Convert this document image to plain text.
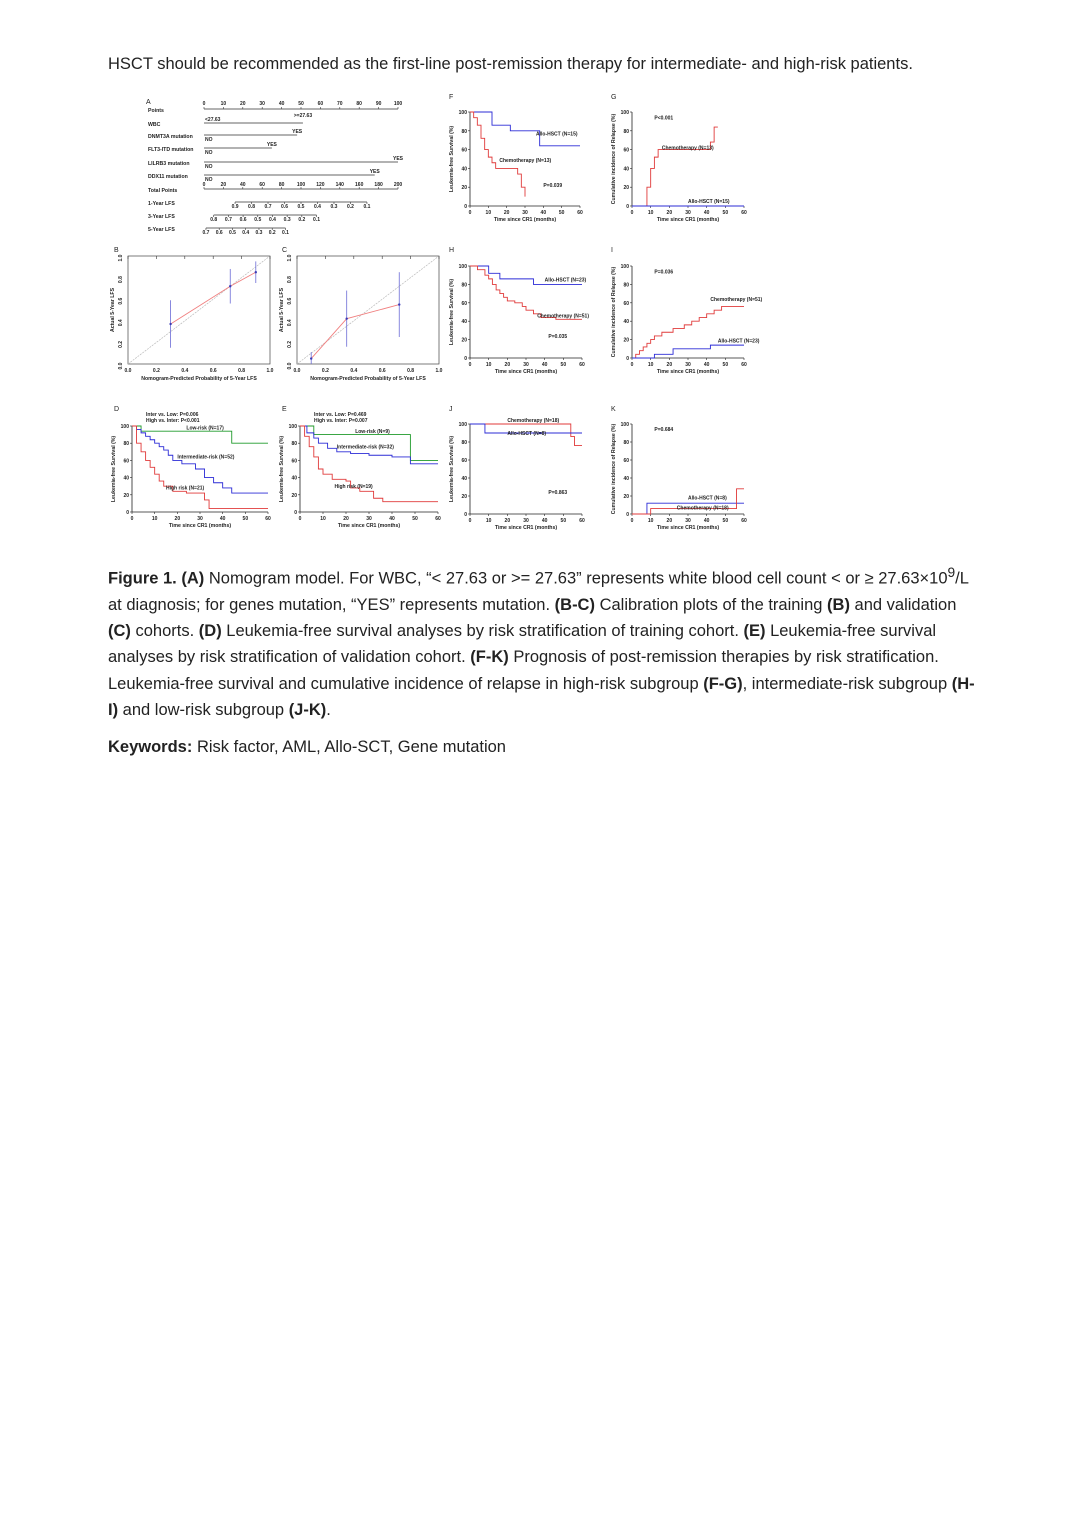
HSCT should be recommended as the first-line post-remission therapy for intermediate- and high-risk patients.
A
B	C
D	E
F	G
H	I
J	K
Points
WBC
DNMT3A mutation
FLT3-ITD mutation
LILRB3 mutation
DDX11 mutation
Total Points
1-Year LFS
3-Year LFS
5-Year LFS
0	10	20	30	40	50	60	70	80	90 100
<27.63
>=27.63
NO
YES
NO
YES
NO
YES
NO
YES
0	20	40	60	80 100 120 140 160 180 200
0.9 0.8 0.7 0.6 0.5 0.4 0.3 0.2 0.1
0.8 0.7 0.6 0.5 0.4 0.3 0.2 0.1
0.7 0.6 0.5 0.4 0.3 0.2 0.1
0.0
0.0
0.2
0.2
0.4
0.4
0.6
0.6
0.8
0.8
1.0
1.0
Nomogram-Predicted Probability of 5-Year LFS
Actual 5-Year LFS
0.0
0.0
0.2
0.2
0.4
0.4
0.6
0.6
0.8
0.8
1.0
1.0
Nomogram-Predicted Probability of 5-Year LFS
Actual 5-Year LFS
0	10	20	30	40	50	60
0
20
40
60
80
100
Time since CR1 (months)
Leukemia-free Survival (%)
Low-risk (N=17)
Intermediate-risk (N=52)
High risk (N=21)
Inter vs. Low: P=0.006
High vs. Inter: P<0.001
0	10	20	30	40	50	60
0
20
40
60
80
100
Time since CR1 (months)
Leukemia-free Survival (%)
Low-risk (N=9)
Intermediate-risk (N=32)
High risk (N=19)
Inter vs. Low: P=0.469
High vs. Inter: P=0.007
0	10	20	30	40	50	60
0
20
40
60
80
100
Time since CR1 (months)
Leukemia-free Survival (%)	Allo-HSCT (N=15)
Chemotherapy (N=13)
P=0.039
0	10	20	30	40	50	60
0
20
40
60
80
100
Time since CR1 (months)
Cumulative incidence of Relapse (%)	Chemotherapy (N=13)
Allo-HSCT (N=15)
P<0.001
0	10	20	30	40	50	60
0
20
40
60
80
100
Time since CR1 (months)
Leukemia-free Survival (%)	Allo-HSCT (N=23)
Chemotherapy (N=51)
P=0.035
0	10	20	30	40	50	60
0
20
40
60
80
100
Time since CR1 (months)
Cumulative incidence of Relapse (%)	Chemotherapy (N=51)
Allo-HSCT (N=23)
P=0.036
0	10	20	30	40	50	60
0
20
40
60
80
100
Time since CR1 (months)
Leukemia-free Survival (%)
Chemotherapy (N=18)
Allo-HSCT (N=8)
P=0.863
0	10	20	30	40	50	60
0
20
40
60
80
100
Time since CR1 (months)
Cumulative incidence of Relapse (%)	Allo-HSCT (N=8)
Chemotherapy (N=18)
P=0.684
Figure 1. (A) Nomogram model. For WBC, “< 27.63 or >= 27.63” represents white blood cell count < or ≥ $27.63\times 10^9/L$ at diagnosis; for genes mutation, “YES” represents mutation. (B-C) Calibration plots of the training (B) and validation (C) cohorts. (D) Leukemia-free survival analyses by risk stratification of training cohort. (E) Leukemia-free survival analyses by risk stratification of validation cohort. (F-K) Prognosis of post-remission therapies by risk stratification. Leukemia-free survival and cumulative incidence of relapse in high-risk subgroup (F-G), intermediate-risk subgroup (H-I) and low-risk subgroup (J-K).
Keywords: Risk factor, AML, Allo-SCT, Gene mutation
